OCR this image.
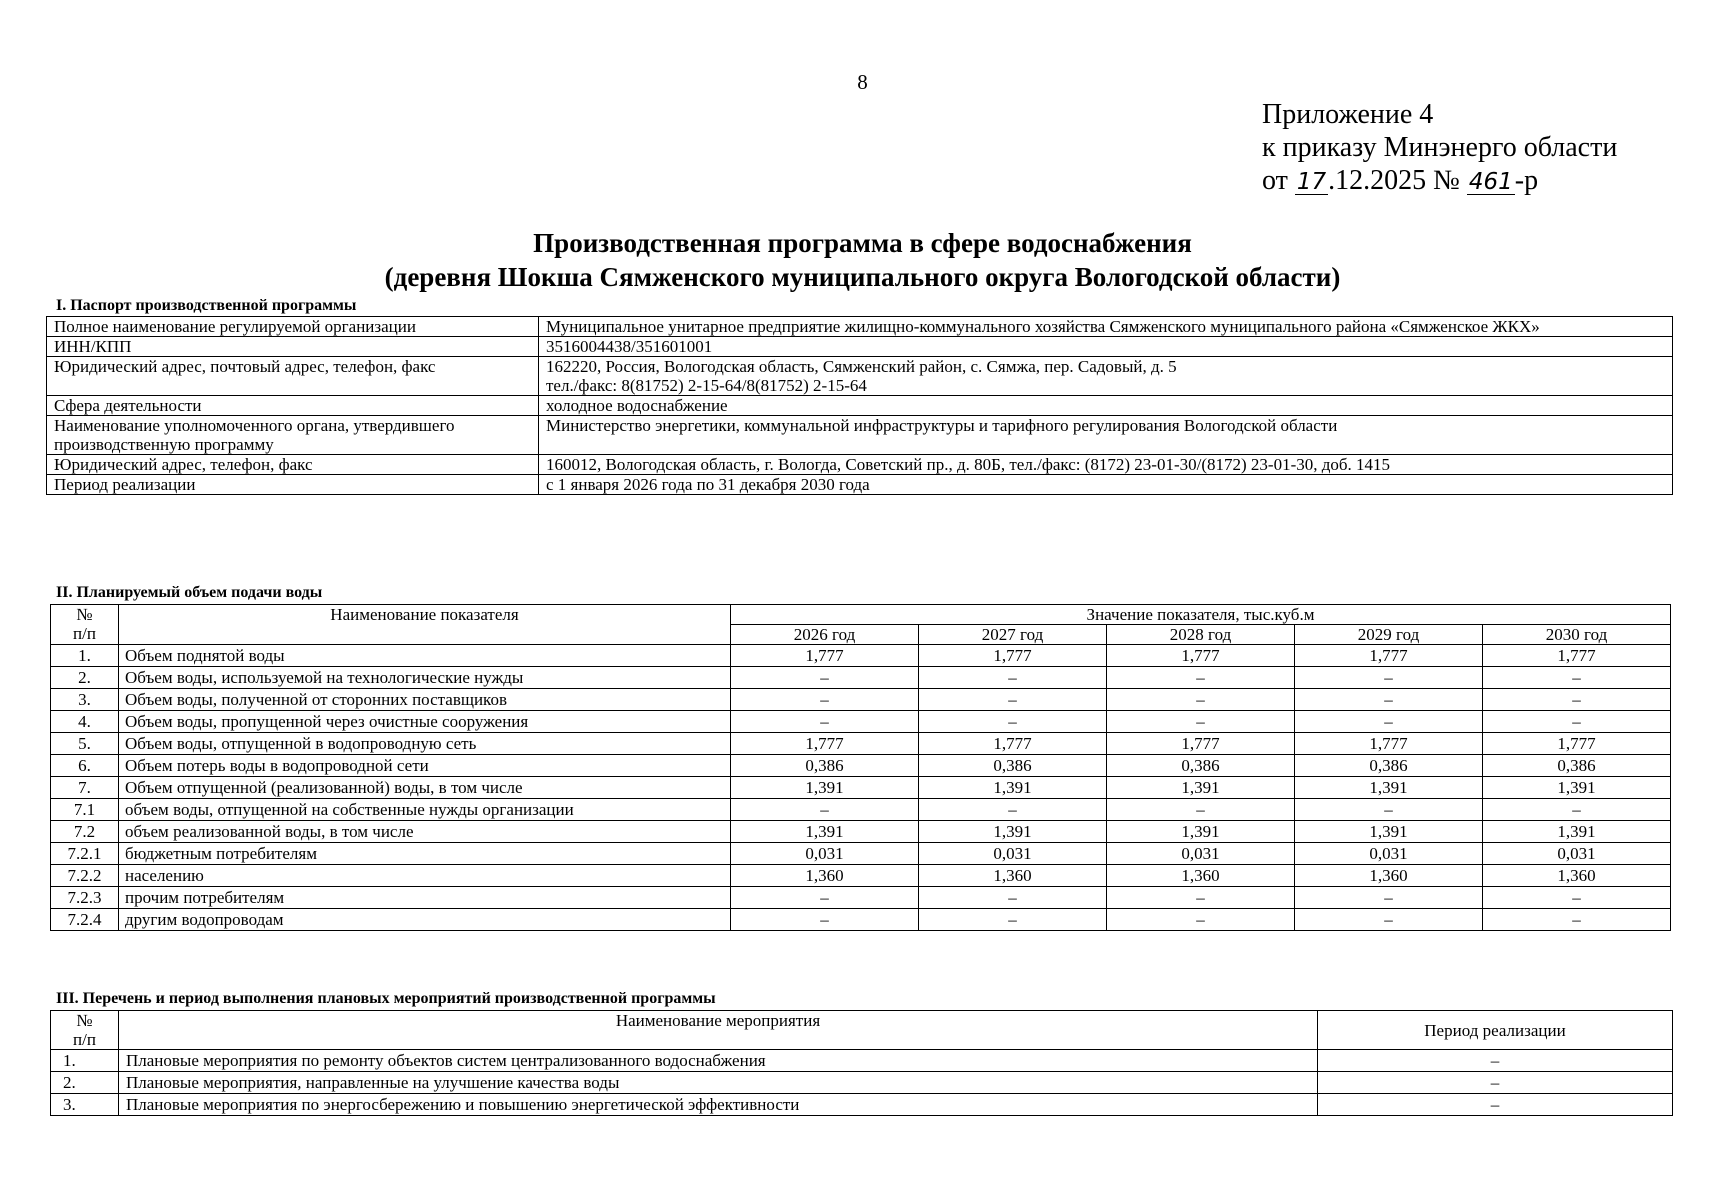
8
Приложение 4
к приказу Минэнерго области
от 17.12.2025 № 461-р
Производственная программа в сфере водоснабжения
(деревня Шокша Сямженского муниципального округа Вологодской области)
I. Паспорт производственной программы
Полное наименование регулируемой организации	Муниципальное унитарное предприятие жилищно-коммунального хозяйства Сямженского муниципального района «Сямженское ЖКХ»

ИНН/КПП	3516004438/351601001

Юридический адрес, почтовый адрес, телефон, факс	162220, Россия, Вологодская область, Сямженский район, с. Сямжа, пер. Садовый, д. 5
тел./факс: 8(81752) 2-15-64/8(81752) 2-15-64

Сфера деятельности	холодное водоснабжение

Наименование уполномоченного органа, утвердившего производственную программу	Министерство энергетики, коммунальной инфраструктуры и тарифного регулирования Вологодской области

Юридический адрес, телефон, факс	160012, Вологодская область, г. Вологда, Советский пр., д. 80Б, тел./факс: (8172) 23-01-30/(8172) 23-01-30, доб. 1415

Период реализации	с 1 января 2026 года по 31 декабря 2030 года
II. Планируемый объем подачи воды
№
п/п	Наименование показателя	Значение показателя, тыс.куб.м				
		2026 год	2027 год	2028 год	2029 год	2030 год
1.	Объем поднятой воды	1,777	1,777	1,777	1,777	1,777
2.	Объем воды, используемой на технологические нужды	–	–	–	–	–
3.	Объем воды, полученной от сторонних поставщиков	–	–	–	–	–
4.	Объем воды, пропущенной через очистные сооружения	–	–	–	–	–
5.	Объем воды, отпущенной в водопроводную сеть	1,777	1,777	1,777	1,777	1,777
6.	Объем потерь воды в водопроводной сети	0,386	0,386	0,386	0,386	0,386
7.	Объем отпущенной (реализованной) воды, в том числе	1,391	1,391	1,391	1,391	1,391
7.1	объем воды, отпущенной на собственные нужды организации	–	–	–	–	–
7.2	объем реализованной воды, в том числе	1,391	1,391	1,391	1,391	1,391
7.2.1	бюджетным потребителям	0,031	0,031	0,031	0,031	0,031
7.2.2	населению	1,360	1,360	1,360	1,360	1,360
7.2.3	прочим потребителям	–	–	–	–	–
7.2.4	другим водопроводам	–	–	–	–	–
III. Перечень и период выполнения плановых мероприятий производственной программы
№
п/п	Наименование мероприятия	Период реализации
1.	Плановые мероприятия по ремонту объектов систем централизованного водоснабжения	–
2.	Плановые мероприятия, направленные на улучшение качества воды	–
3.	Плановые мероприятия по энергосбережению и повышению энергетической эффективности	–
